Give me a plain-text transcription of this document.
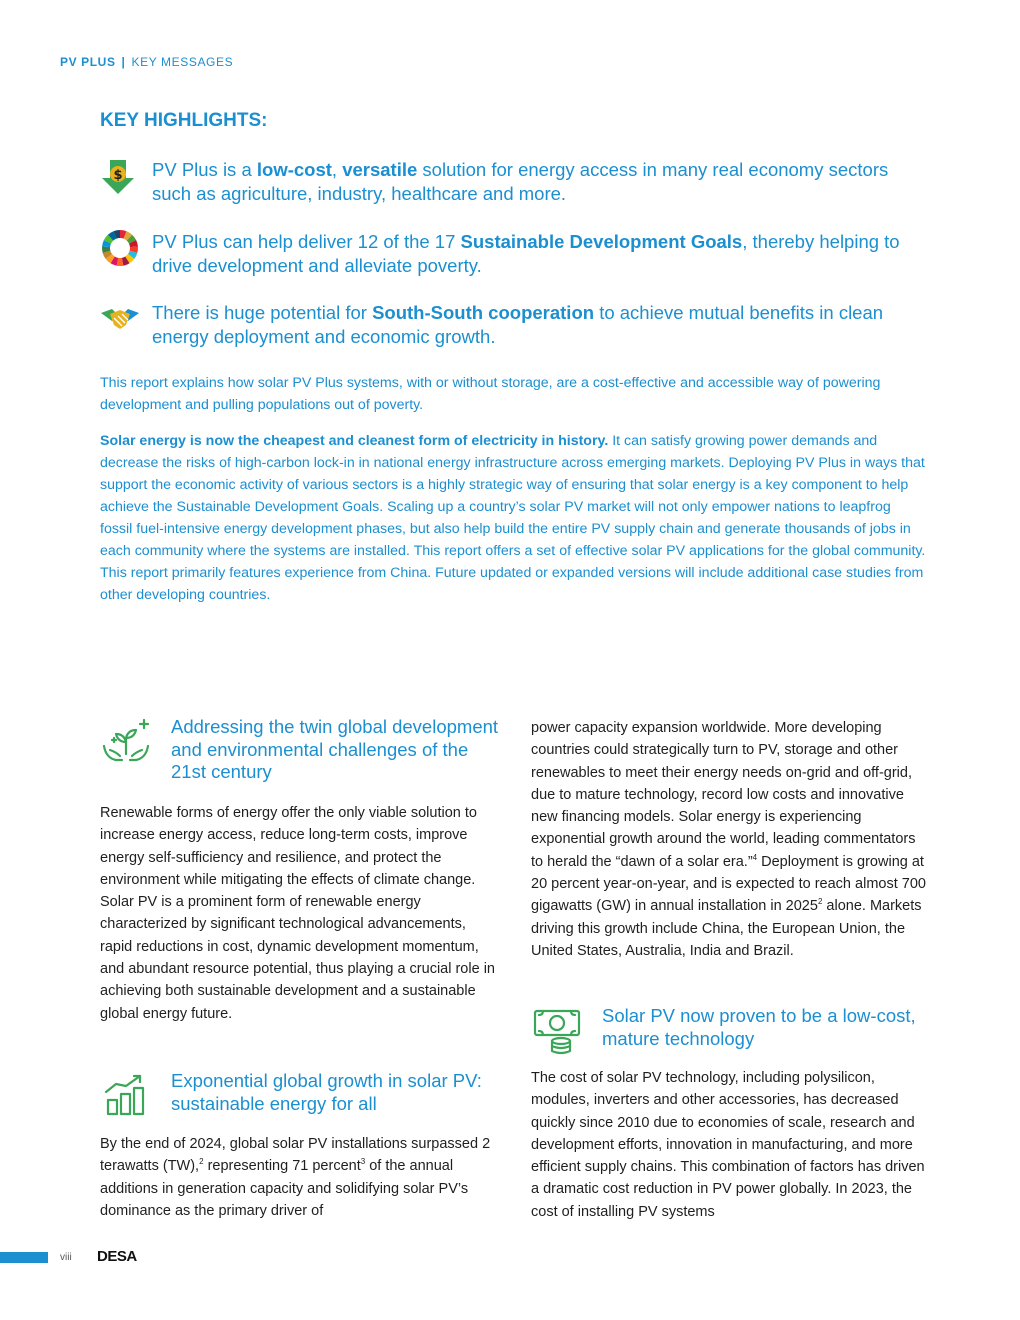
PV PLUS | KEY MESSAGES
KEY HIGHLIGHTS:
$ PV Plus is a low-cost, versatile solution for energy access in many real economy sectors such as agriculture, industry, healthcare and more.
PV Plus can help deliver 12 of the 17 Sustainable Development Goals, thereby helping to drive development and alleviate poverty.
There is huge potential for South-South cooperation to achieve mutual benefits in clean energy deployment and economic growth.

This report explains how solar PV Plus systems, with or without storage, are a cost-effective and accessible way of powering development and pulling populations out of poverty.

Solar energy is now the cheapest and cleanest form of electricity in history. It can satisfy growing power demands and decrease the risks of high-carbon lock-in in national energy infrastructure across emerging markets. Deploying PV Plus in ways that support the economic activity of various sectors is a highly strategic way of ensuring that solar energy is a key component to help achieve the Sustainable Development Goals. Scaling up a country’s solar PV market will not only empower nations to leapfrog fossil fuel-intensive energy development phases, but also help build the entire PV supply chain and generate thousands of jobs in each community where the systems are installed. This report offers a set of effective solar PV applications for the global community. This report primarily features experience from China. Future updated or expanded versions will include additional case studies from other developing countries.

Addressing the twin global development and environmental challenges of the 21st century

Renewable forms of energy offer the only viable solution to increase energy access, reduce long-term costs, improve energy self-sufficiency and resilience, and protect the environment while mitigating the effects of climate change. Solar PV is a prominent form of renewable energy characterized by significant technological advancements, rapid reductions in cost, dynamic development momentum, and abundant resource potential, thus playing a crucial role in achieving both sustainable development and a sustainable global energy future.

Exponential global growth in solar PV: sustainable energy for all

By the end of 2024, global solar PV installations surpassed 2 terawatts (TW),$^2$ representing 71 percent$^3$ of the annual additions in generation capacity and solidifying solar PV’s dominance as the primary driver of

power capacity expansion worldwide. More developing countries could strategically turn to PV, storage and other renewables to meet their energy needs on-grid and off-grid, due to mature technology, record low costs and innovative new financing models. Solar energy is experiencing exponential growth around the world, leading commentators to herald the “dawn of a solar era.”$^4$ Deployment is growing at 20 percent year-on-year, and is expected to reach almost 700 gigawatts (GW) in annual installation in 2025$^2$ alone. Markets driving this growth include China, the European Union, the United States, Australia, India and Brazil.

Solar PV now proven to be a low-cost, mature technology

The cost of solar PV technology, including polysilicon, modules, inverters and other accessories, has decreased quickly since 2010 due to economies of scale, research and development efforts, innovation in manufacturing, and more efficient supply chains. This combination of factors has driven a dramatic cost reduction in PV power globally. In 2023, the cost of installing PV systems

viii DESA
